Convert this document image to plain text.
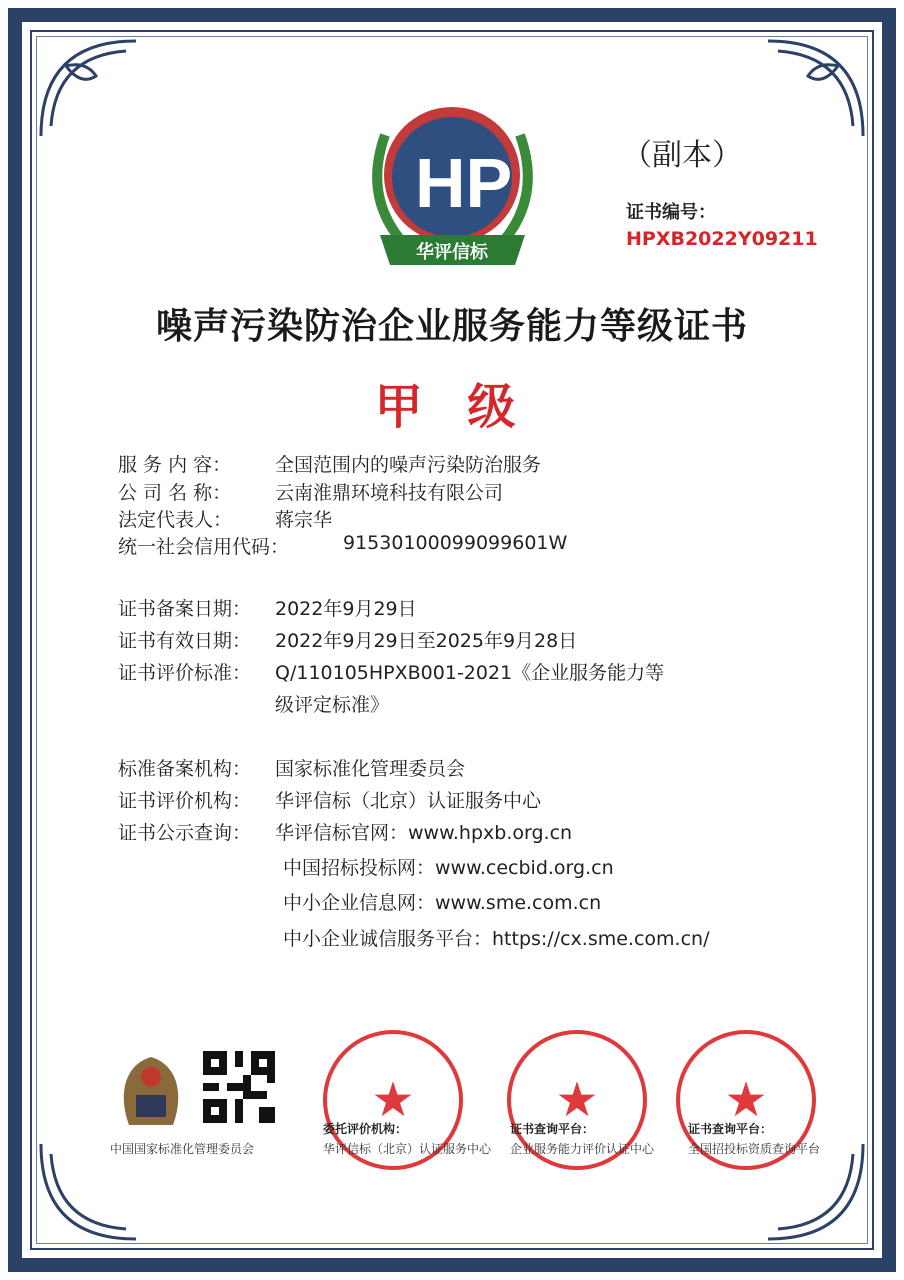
HP
华评信标
（副本）
证书编号：
HPXB2022Y09211
噪声污染防治企业服务能力等级证书
甲 级
服 务 内 容： 全国范围内的噪声污染防治服务
公 司 名 称： 云南淮鼎环境科技有限公司
法定代表人： 蒋宗华
统一社会信用代码：	91530100099099601W
证书备案日期： 2022年9月29日
证书有效日期： 2022年9月29日至2025年9月28日
证书评价标准： Q/110105HPXB001-2021《企业服务能力等
级评定标准》
标准备案机构： 国家标准化管理委员会
证书评价机构： 华评信标（北京）认证服务中心
证书公示查询： 华评信标官网：www.hpxb.org.cn
中国招标投标网：www.cecbid.org.cn
中小企业信息网：www.sme.com.cn
中小企业诚信服务平台：https://cx.sme.com.cn/
中国国家标准化管理委员会
★	★	★
委托评价机构：	证书查询平台：	证书查询平台：
华评信标（北京）认证服务中心 企业服务能力评价认证中心	全国招投标资质查询平台
